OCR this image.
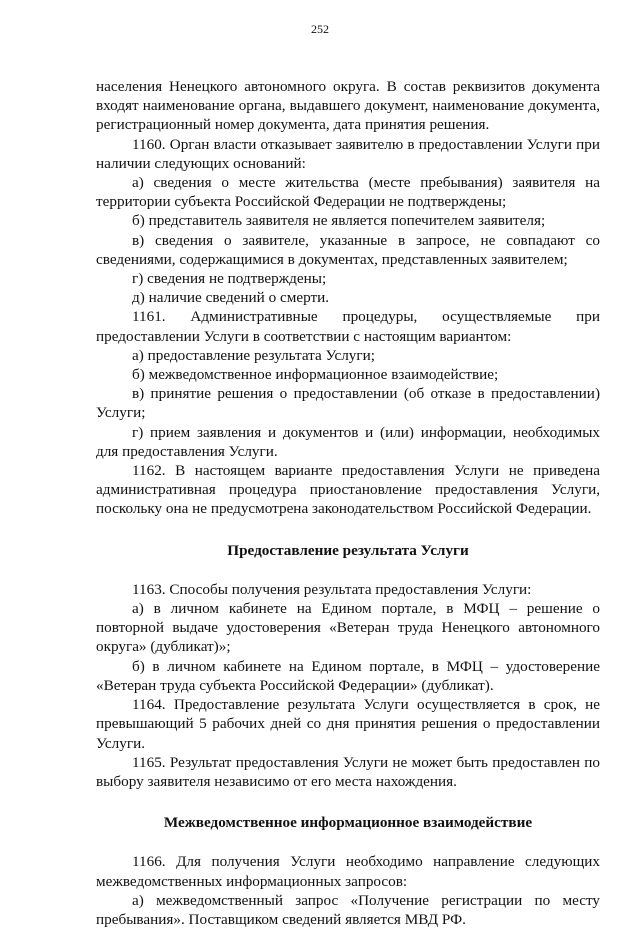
252
населения Ненецкого автономного округа. В состав реквизитов документа входят наименование органа, выдавшего документ, наименование документа, регистрационный номер документа, дата принятия решения.
1160. Орган власти отказывает заявителю в предоставлении Услуги при наличии следующих оснований:
а) сведения о месте жительства (месте пребывания) заявителя на территории субъекта Российской Федерации не подтверждены;
б) представитель заявителя не является попечителем заявителя;
в) сведения о заявителе, указанные в запросе, не совпадают со сведениями, содержащимися в документах, представленных заявителем;
г) сведения не подтверждены;
д) наличие сведений о смерти.
1161. Административные процедуры, осуществляемые при предоставлении Услуги в соответствии с настоящим вариантом:
а) предоставление результата Услуги;
б) межведомственное информационное взаимодействие;
в) принятие решения о предоставлении (об отказе в предоставлении) Услуги;
г) прием заявления и документов и (или) информации, необходимых для предоставления Услуги.
1162. В настоящем варианте предоставления Услуги не приведена административная процедура приостановление предоставления Услуги, поскольку она не предусмотрена законодательством Российской Федерации.
Предоставление результата Услуги
1163. Способы получения результата предоставления Услуги:
а) в личном кабинете на Едином портале, в МФЦ – решение о повторной выдаче удостоверения «Ветеран труда Ненецкого автономного округа» (дубликат)»;
б) в личном кабинете на Едином портале, в МФЦ – удостоверение «Ветеран труда субъекта Российской Федерации» (дубликат).
1164. Предоставление результата Услуги осуществляется в срок, не превышающий 5 рабочих дней со дня принятия решения о предоставлении Услуги.
1165. Результат предоставления Услуги не может быть предоставлен по выбору заявителя независимо от его места нахождения.
Межведомственное информационное взаимодействие
1166. Для получения Услуги необходимо направление следующих межведомственных информационных запросов:
а) межведомственный запрос «Получение регистрации по месту пребывания». Поставщиком сведений является МВД РФ.
